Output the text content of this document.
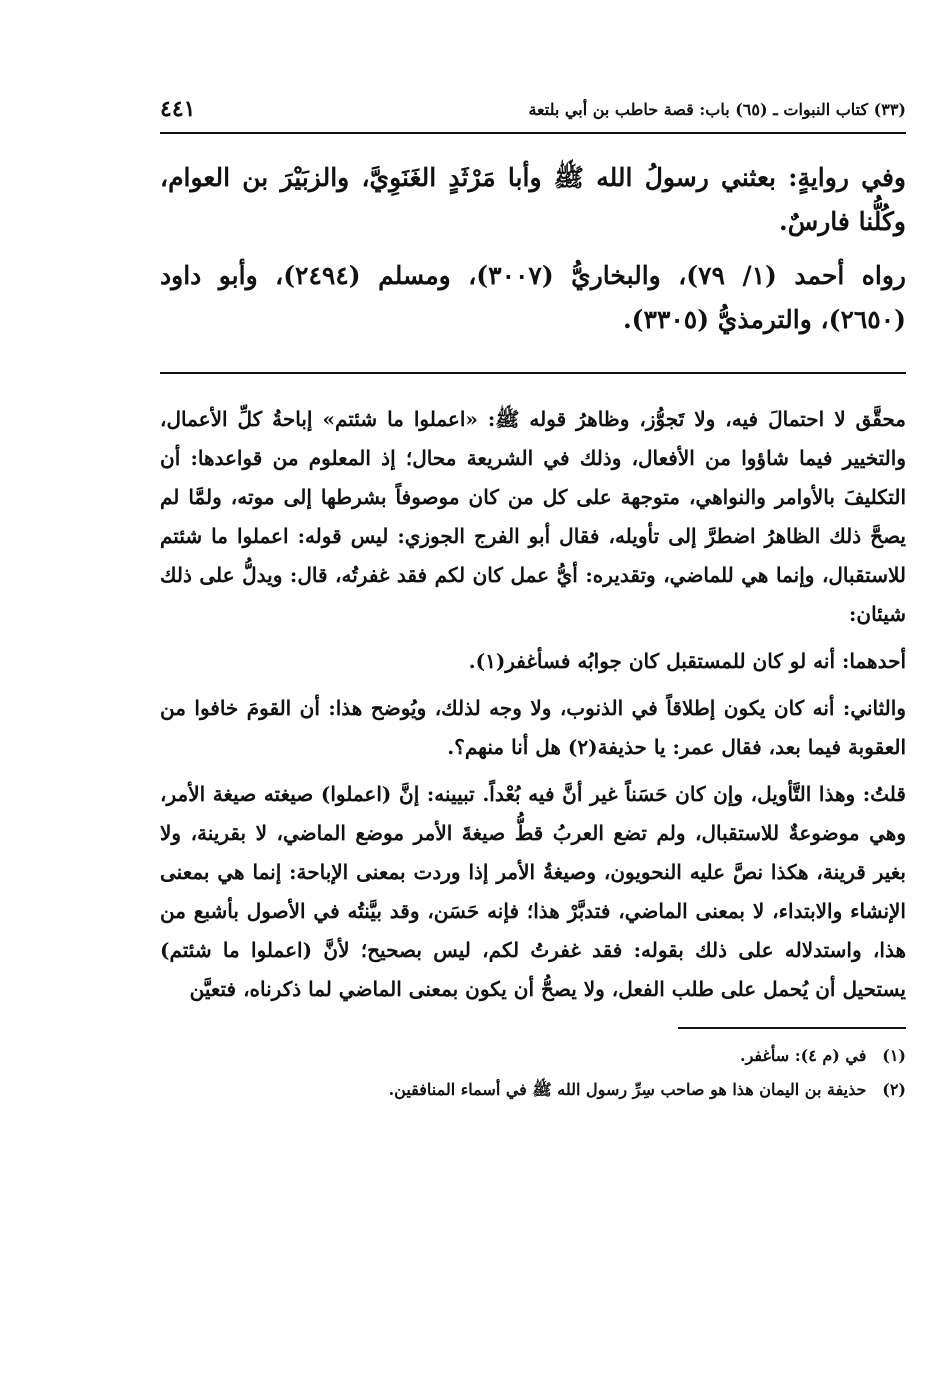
(٣٣) كتاب النبوات ـ (٦٥) باب: قصة حاطب بن أبي بلتعة
٤٤١

وفي روايةٍ: بعثني رسولُ الله ﷺ وأبا مَرْثَدٍ الغَنَوِيَّ، والزبَيْرَ بن العوام، وكُلُّنا فارسٌ.

رواه أحمد (١/ ٧٩)، والبخاريُّ (٣٠٠٧)، ومسلم (٢٤٩٤)، وأبو داود (٢٦٥٠)، والترمذيُّ (٣٣٠٥).

محقَّق لا احتمالَ فيه، ولا تَجوُّز، وظاهرُ قوله ﷺ: «اعملوا ما شئتم» إباحةُ كلِّ الأعمال، والتخيير فيما شاؤوا من الأفعال، وذلك في الشريعة محال؛ إذ المعلوم من قواعدها: أن التكليفَ بالأوامر والنواهي، متوجهة على كل من كان موصوفاً بشرطها إلى موته، ولمَّا لم يصحَّ ذلك الظاهرُ اضطرَّ إلى تأويله، فقال أبو الفرج الجوزي: ليس قوله: اعملوا ما شئتم للاستقبال، وإنما هي للماضي، وتقديره: أيُّ عمل كان لكم فقد غفرتُه، قال: ويدلُّ على ذلك شيئان:

أحدهما: أنه لو كان للمستقبل كان جوابُه فسأغفر(١).

والثاني: أنه كان يكون إطلاقاً في الذنوب، ولا وجه لذلك، ويُوضح هذا: أن القومَ خافوا من العقوبة فيما بعد، فقال عمر: يا حذيفة(٢) هل أنا منهم؟.

قلتُ: وهذا التَّأويل، وإن كان حَسَناً غير أنَّ فيه بُعْداً. تبيينه: إنَّ (اعملوا) صيغته صيغة الأمر، وهي موضوعةٌ للاستقبال، ولم تضع العربُ قطُّ صيغةَ الأمر موضع الماضي، لا بقرينة، ولا بغير قرينة، هكذا نصَّ عليه النحويون، وصيغةُ الأمر إذا وردت بمعنى الإباحة: إنما هي بمعنى الإنشاء والابتداء، لا بمعنى الماضي، فتدبَّرْ هذا؛ فإنه حَسَن، وقد بيَّنتُه في الأصول بأشبع من هذا، واستدلاله على ذلك بقوله: فقد غفرتُ لكم، ليس بصحيح؛ لأنَّ (اعملوا ما شئتم) يستحيل أن يُحمل على طلب الفعل، ولا يصحُّ أن يكون بمعنى الماضي لما ذكرناه، فتعيَّن

(١) في (م ٤): سأغفر.
(٢) حذيفة بن اليمان هذا هو صاحب سِرِّ رسول الله ﷺ في أسماء المنافقين.
